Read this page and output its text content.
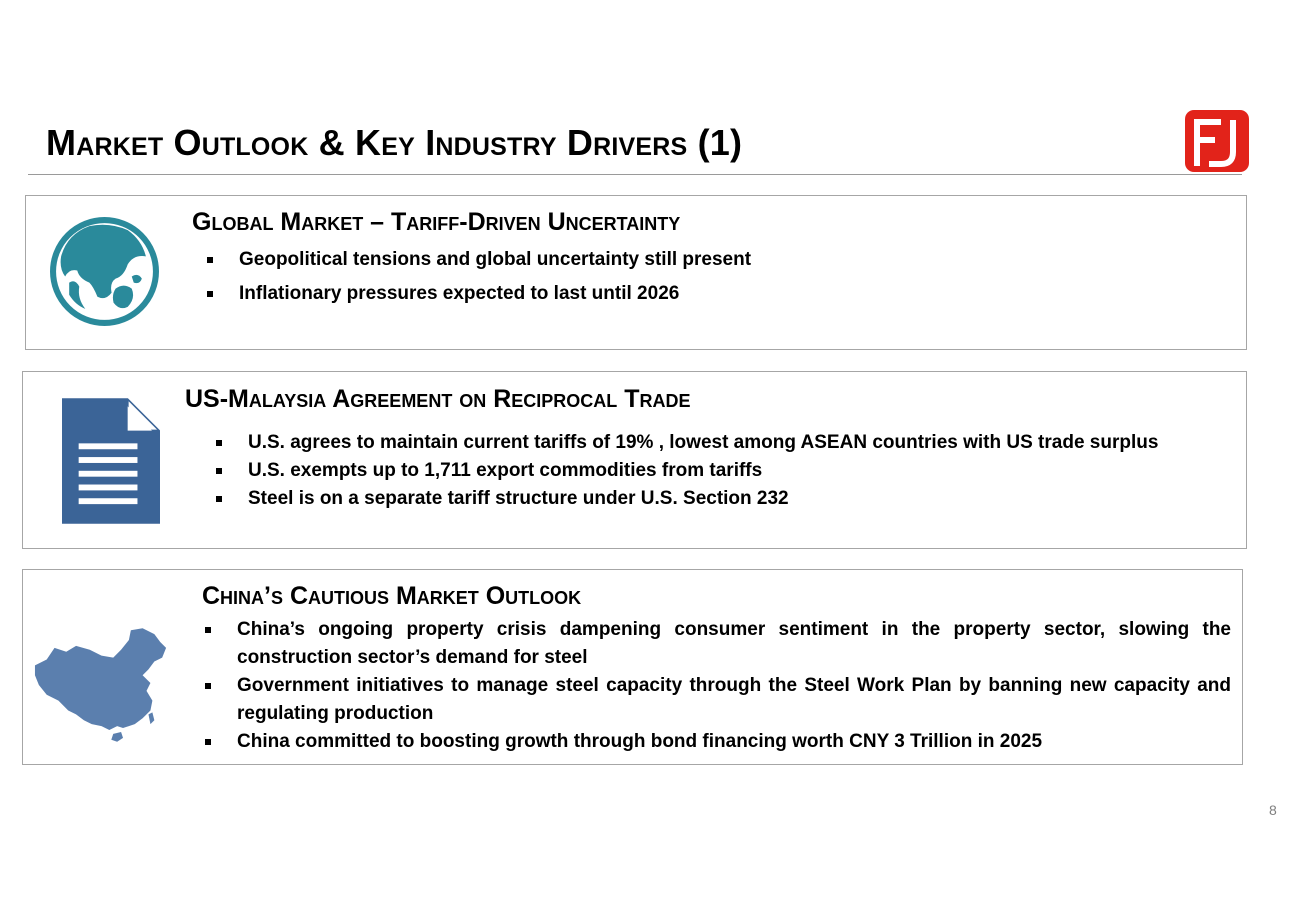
Market Outlook & Key Industry Drivers (1)
Global Market – Tariff-Driven Uncertainty
Geopolitical tensions and global uncertainty still present
Inflationary pressures expected to last until 2026
US-Malaysia Agreement on Reciprocal Trade
U.S. agrees to maintain current tariffs of 19% , lowest among ASEAN countries with US trade surplus
U.S. exempts up to 1,711 export commodities from tariffs
Steel is on a separate tariff structure under U.S. Section 232
China’s Cautious Market Outlook
China’s ongoing property crisis dampening consumer sentiment in the property sector, slowing the construction sector’s demand for steel
Government initiatives to manage steel capacity through the Steel Work Plan by banning new capacity and regulating production
China committed to boosting growth through bond financing worth CNY 3 Trillion in 2025
8
